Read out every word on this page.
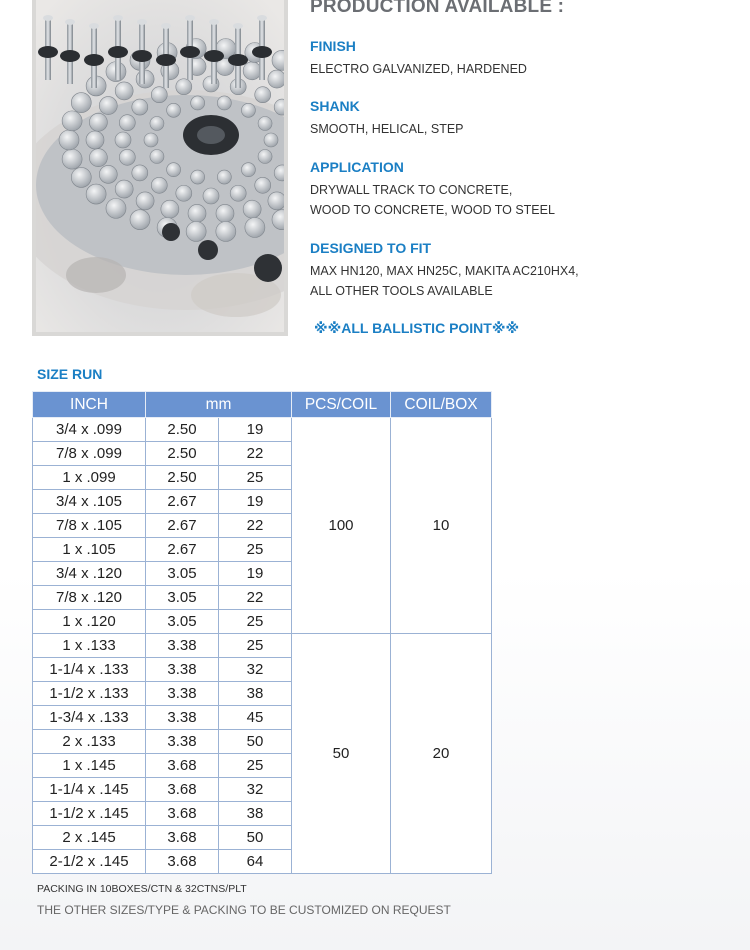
PRODUCTION AVAILABLE :

FINISH

ELECTRO GALVANIZED, HARDENED

SHANK

SMOOTH, HELICAL, STEP

APPLICATION

DRYWALL TRACK TO CONCRETE,

WOOD TO CONCRETE, WOOD TO STEEL

DESIGNED TO FIT

MAX HN120, MAX HN25C, MAKITA AC210HX4,

ALL OTHER TOOLS AVAILABLE

※※ALL BALLISTIC POINT※※
SIZE RUN
INCH	mm		PCS/COIL	COIL/BOX
3/4 x .099	2.50	19	100	10
7/8 x .099	2.50	22		
1 x .099	2.50	25		
3/4 x .105	2.67	19		
7/8 x .105	2.67	22		
1 x .105	2.67	25		
3/4 x .120	3.05	19		
7/8 x .120	3.05	22		
1 x .120	3.05	25		
1 x .133	3.38	25	50	20
1-1/4 x .133	3.38	32		
1-1/2 x .133	3.38	38		
1-3/4 x .133	3.38	45		
2 x .133	3.38	50		
1 x .145	3.68	25		
1-1/4 x .145	3.68	32		
1-1/2 x .145	3.68	38		
2 x .145	3.68	50		
2-1/2 x .145	3.68	64		

PACKING IN 10BOXES/CTN & 32CTNS/PLT

THE OTHER SIZES/TYPE & PACKING TO BE CUSTOMIZED ON REQUEST
